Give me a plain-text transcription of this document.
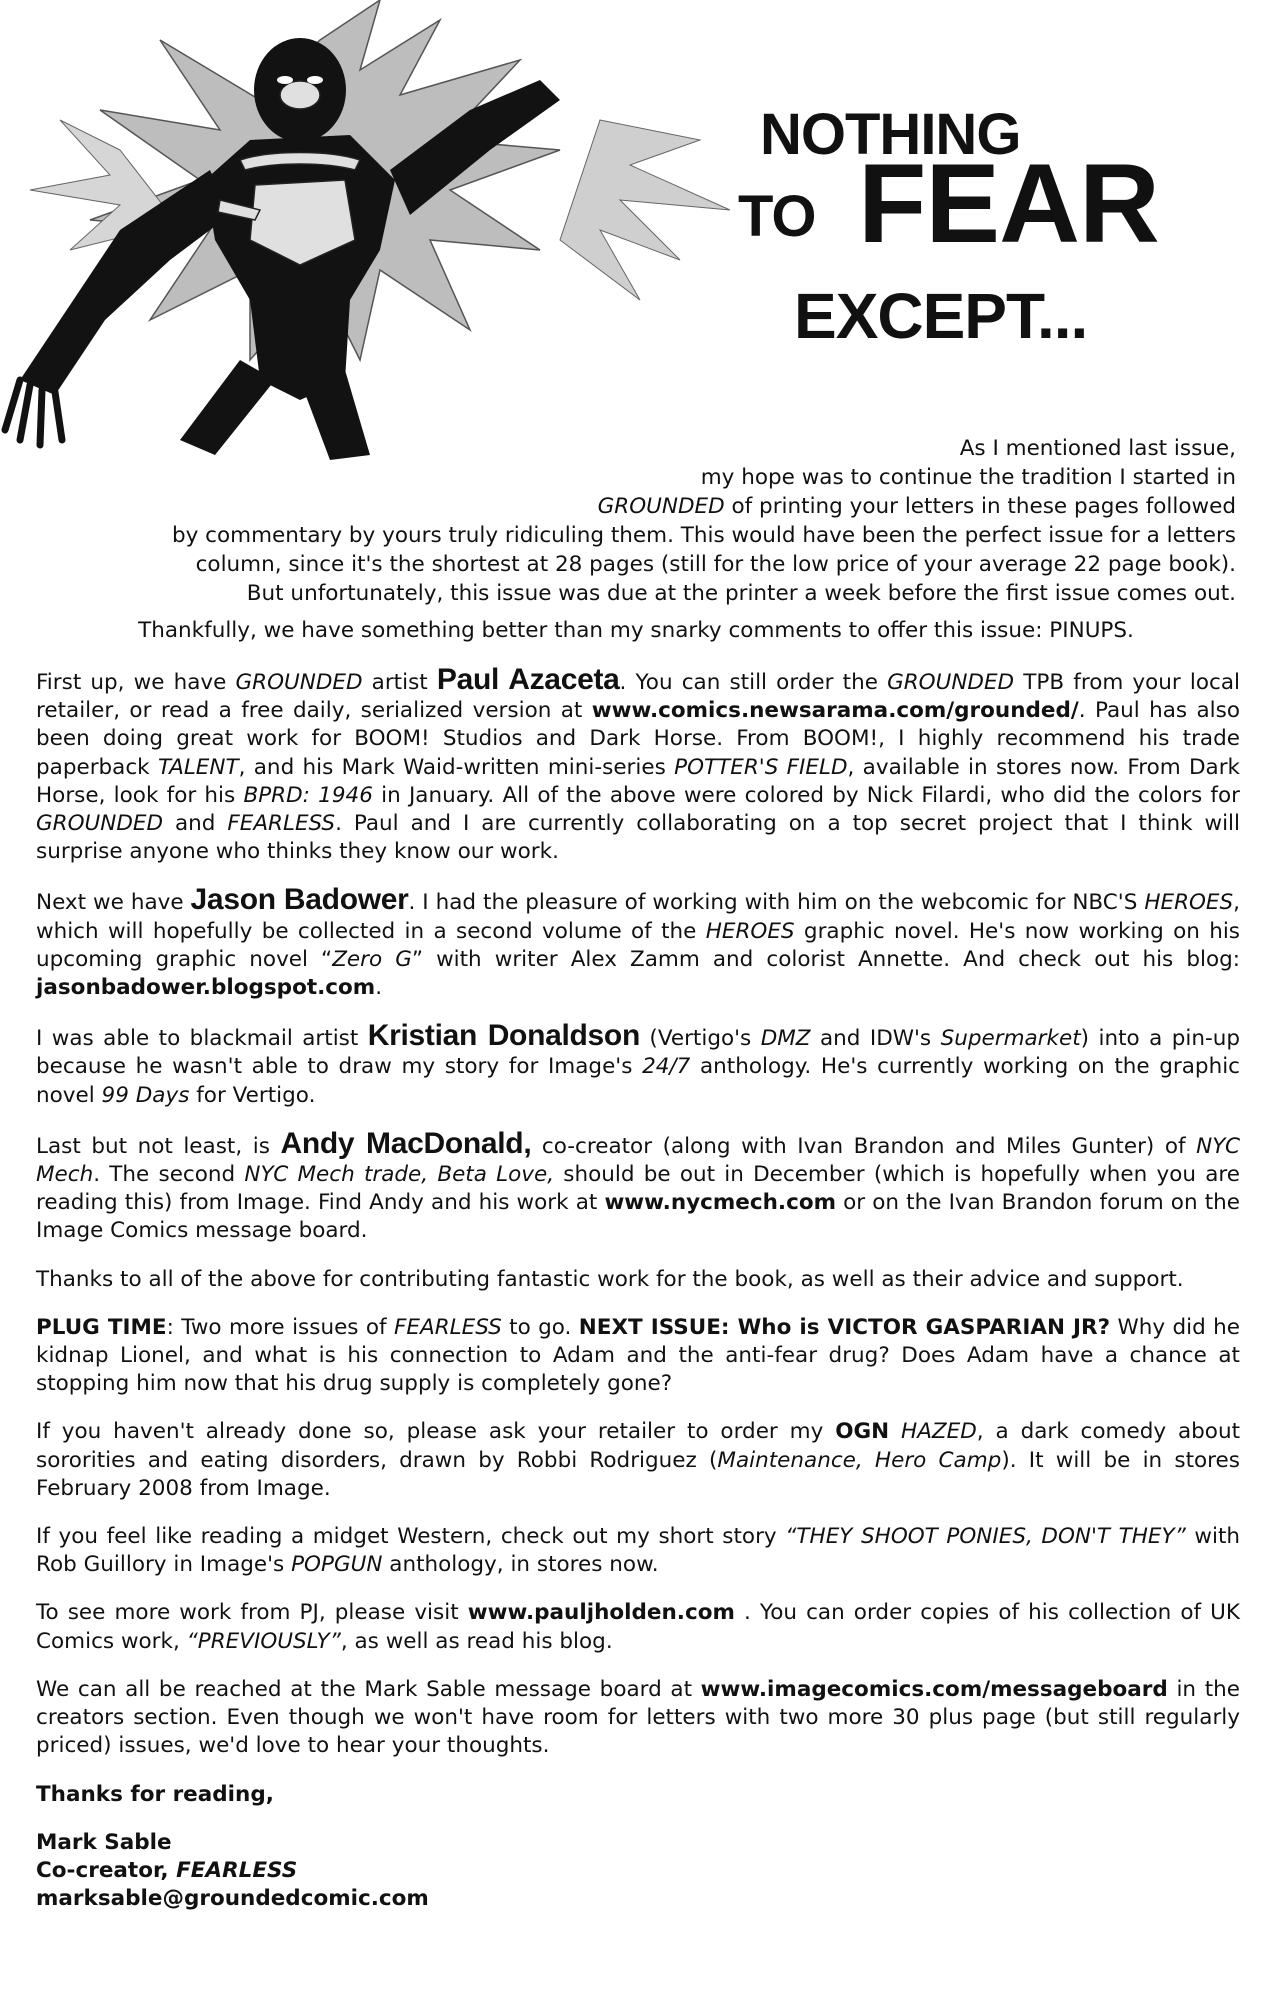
NOTHING
TO FEAR
EXCEPT...

As I mentioned last issue,

my hope was to continue the tradition I started in

GROUNDED of printing your letters in these pages followed

by commentary by yours truly ridiculing them. This would have been the perfect issue for a letters

column, since it's the shortest at 28 pages (still for the low price of your average 22 page book).

But unfortunately, this issue was due at the printer a week before the first issue comes out.

Thankfully, we have something better than my snarky comments to offer this issue: PINUPS.

First up, we have GROUNDED artist Paul Azaceta. You can still order the GROUNDED TPB from your local retailer, or read a free daily, serialized version at www.comics.newsarama.com/grounded/. Paul has also been doing great work for BOOM! Studios and Dark Horse. From BOOM!, I highly recommend his trade paperback TALENT, and his Mark Waid-written mini-series POTTER'S FIELD, available in stores now. From Dark Horse, look for his BPRD: 1946 in January. All of the above were colored by Nick Filardi, who did the colors for GROUNDED and FEARLESS. Paul and I are currently collaborating on a top secret project that I think will surprise anyone who thinks they know our work.

Next we have Jason Badower. I had the pleasure of working with him on the webcomic for NBC'S HEROES, which will hopefully be collected in a second volume of the HEROES graphic novel. He's now working on his upcoming graphic novel “Zero G” with writer Alex Zamm and colorist Annette. And check out his blog: jasonbadower.blogspot.com.

I was able to blackmail artist Kristian Donaldson (Vertigo's DMZ and IDW's Supermarket) into a pin-up because he wasn't able to draw my story for Image's 24/7 anthology. He's currently working on the graphic novel 99 Days for Vertigo.

Last but not least, is Andy MacDonald, co-creator (along with Ivan Brandon and Miles Gunter) of NYC Mech. The second NYC Mech trade, Beta Love, should be out in December (which is hopefully when you are reading this) from Image. Find Andy and his work at www.nycmech.com or on the Ivan Brandon forum on the Image Comics message board.

Thanks to all of the above for contributing fantastic work for the book, as well as their advice and support.

PLUG TIME: Two more issues of FEARLESS to go. NEXT ISSUE: Who is VICTOR GASPARIAN JR? Why did he kidnap Lionel, and what is his connection to Adam and the anti-fear drug? Does Adam have a chance at stopping him now that his drug supply is completely gone?

If you haven't already done so, please ask your retailer to order my OGN HAZED, a dark comedy about sororities and eating disorders, drawn by Robbi Rodriguez (Maintenance, Hero Camp). It will be in stores February 2008 from Image.

If you feel like reading a midget Western, check out my short story “THEY SHOOT PONIES, DON'T THEY” with Rob Guillory in Image's POPGUN anthology, in stores now.

To see more work from PJ, please visit www.pauljholden.com . You can order copies of his collection of UK Comics work, “PREVIOUSLY”, as well as read his blog.

We can all be reached at the Mark Sable message board at www.imagecomics.com/messageboard in the creators section. Even though we won't have room for letters with two more 30 plus page (but still regularly priced) issues, we'd love to hear your thoughts.

Thanks for reading,

Mark Sable

Co-creator, FEARLESS

marksable@groundedcomic.com
